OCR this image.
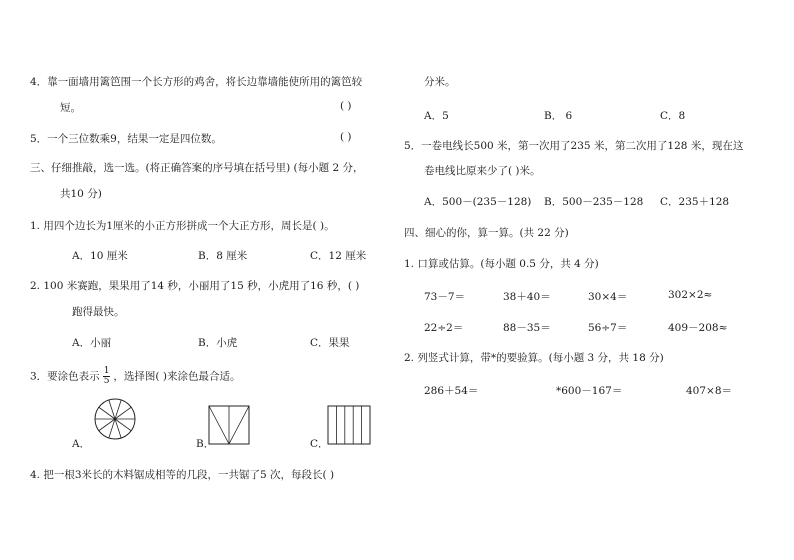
4．靠一面墙用篱笆围一个长方形的鸡舍，将长边靠墙能使所用的篱笆较
短。	( )
5．一个三位数乘9，结果一定是四位数。	( )
三、仔细推敲，选一选。(将正确答案的序号填在括号里) (每小题 2 分，
共10 分)
1. 用四个边长为1厘米的小正方形拼成一个大正方形，周长是( )。
A．10 厘米	B．8 厘米	C．12 厘米
2. 100 米赛跑，果果用了14 秒，小丽用了15 秒，小虎用了16 秒，( )
跑得最快。
A．小丽	B．小虎	C．果果
3．要涂色表示 $\frac{1}{5}$ ，选择图( )来涂色最合适。
A．	B．	C．
4. 把一根3米长的木料锯成相等的几段，一共锯了5 次，每段长( )
分米。
A．5	B． 6	C．8
5．一卷电线长500 米，第一次用了235 米，第二次用了128 米，现在这
卷电线比原来少了( )米。
A．500－(235－128) B．500－235－128 C．235＋128
四、细心的你，算一算。(共 22 分)
1. 口算或估算。(每小题 0.5 分，共 4 分)
73－7＝	38＋40＝	30×4＝	302×2≈
22÷2＝	88－35＝	56÷7＝	409－208≈
2. 列竖式计算，带*的要验算。(每小题 3 分，共 18 分)
286＋54＝	*600－167＝	407×8＝
